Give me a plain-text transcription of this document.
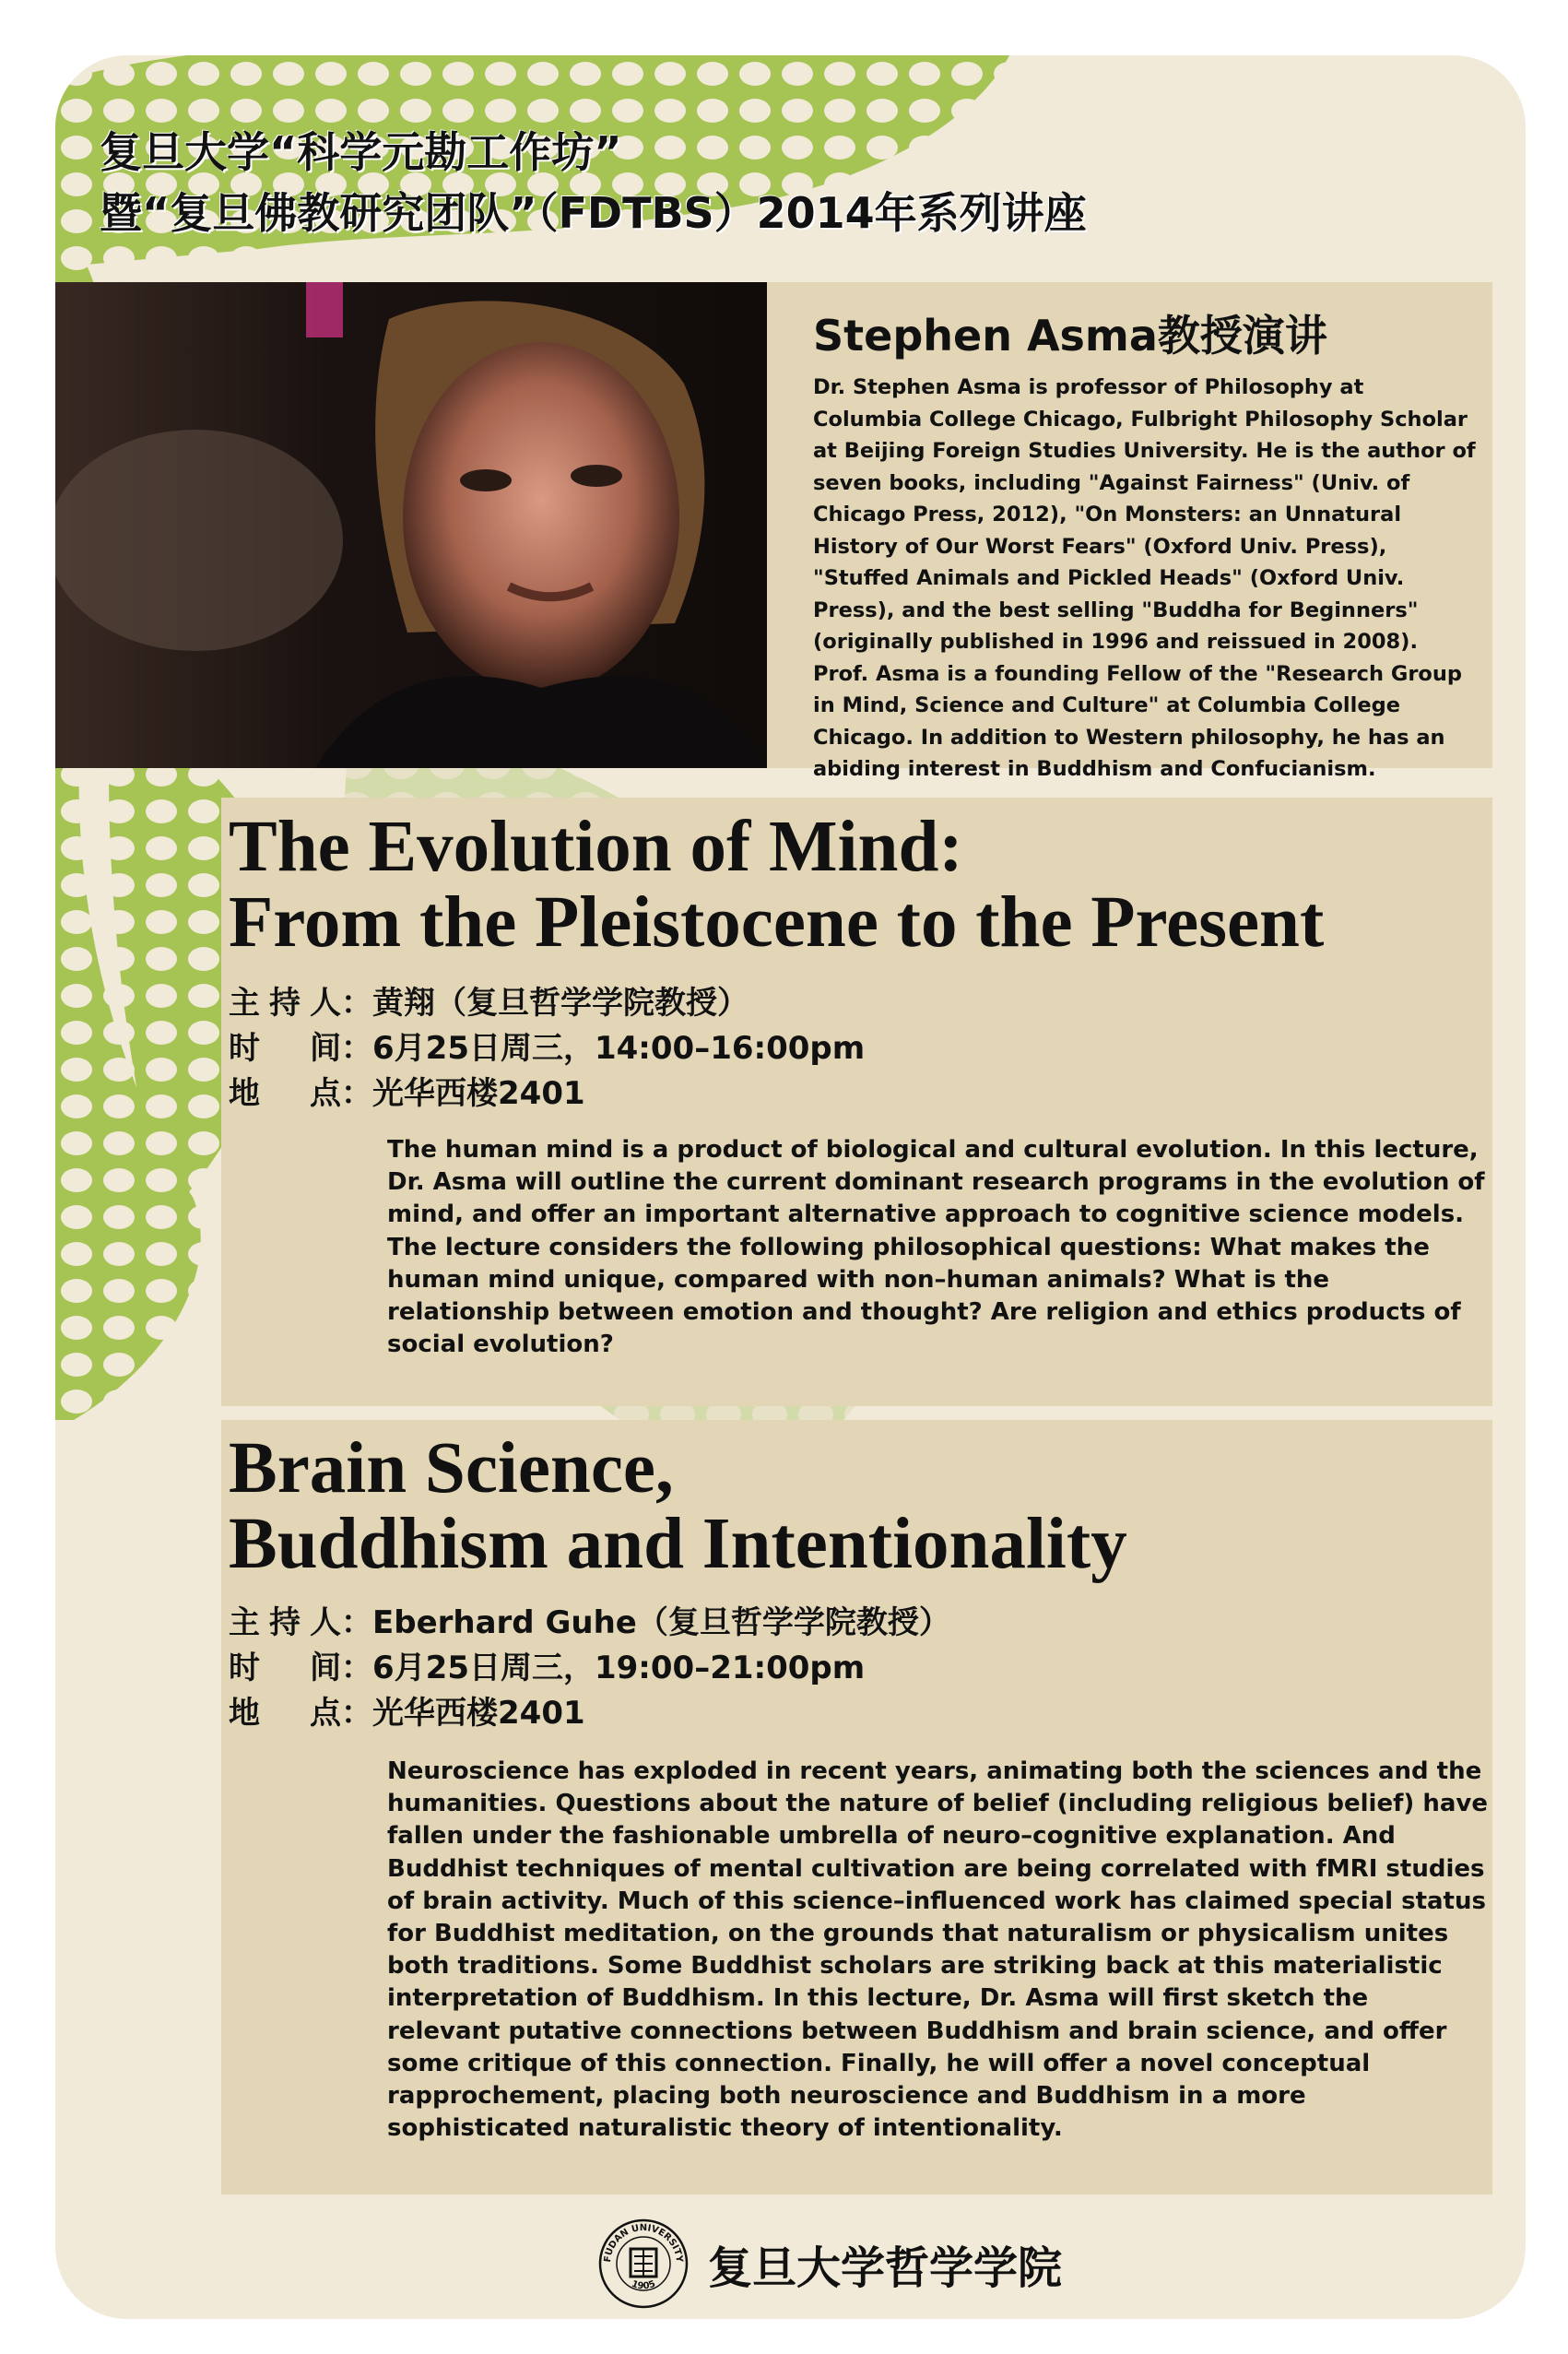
复旦大学“科学元勘工作坊”
暨“复旦佛教研究团队”（FDTBS）2014年系列讲座
Stephen Asma教授演讲
Dr. Stephen Asma is professor of Philosophy at Columbia College Chicago, Fulbright Philosophy Scholar at Beijing Foreign Studies University. He is the author of seven books, including "Against Fairness" (Univ. of Chicago Press, 2012), "On Monsters: an Unnatural History of Our Worst Fears" (Oxford Univ. Press), "Stuffed Animals and Pickled Heads" (Oxford Univ. Press), and the best selling "Buddha for Beginners" (originally published in 1996 and reissued in 2008). Prof. Asma is a founding Fellow of the "Research Group in Mind, Science and Culture" at Columbia College Chicago. In addition to Western philosophy, he has an abiding interest in Buddhism and Confucianism.
The Evolution of Mind:
From the Pleistocene to the Present
主 持 人 ： 黄翔（复旦哲学学院教授）
时 间 ： 6月25日周三，14:00–16:00pm
地 点 ： 光华西楼2401
The human mind is a product of biological and cultural evolution. In this lecture, Dr. Asma will outline the current dominant research programs in the evolution of mind, and offer an important alternative approach to cognitive science models. The lecture considers the following philosophical questions: What makes the human mind unique, compared with non–human animals? What is the relationship between emotion and thought? Are religion and ethics products of social evolution?
Brain Science,
Buddhism and Intentionality
主 持 人 ： Eberhard Guhe（复旦哲学学院教授）
时 间 ： 6月25日周三，19:00–21:00pm
地 点 ： 光华西楼2401
Neuroscience has exploded in recent years, animating both the sciences and the humanities. Questions about the nature of belief (including religious belief) have fallen under the fashionable umbrella of neuro–cognitive explanation. And Buddhist techniques of mental cultivation are being correlated with fMRI studies of brain activity. Much of this science–influenced work has claimed special status for Buddhist meditation, on the grounds that naturalism or physicalism unites both traditions. Some Buddhist scholars are striking back at this materialistic interpretation of Buddhism. In this lecture, Dr. Asma will first sketch the relevant putative connections between Buddhism and brain science, and offer some critique of this connection. Finally, he will offer a novel conceptual rapprochement, placing both neuroscience and Buddhism in a more sophisticated naturalistic theory of intentionality.
FUDAN UNIVERSITY
1905 复旦大学哲学学院
